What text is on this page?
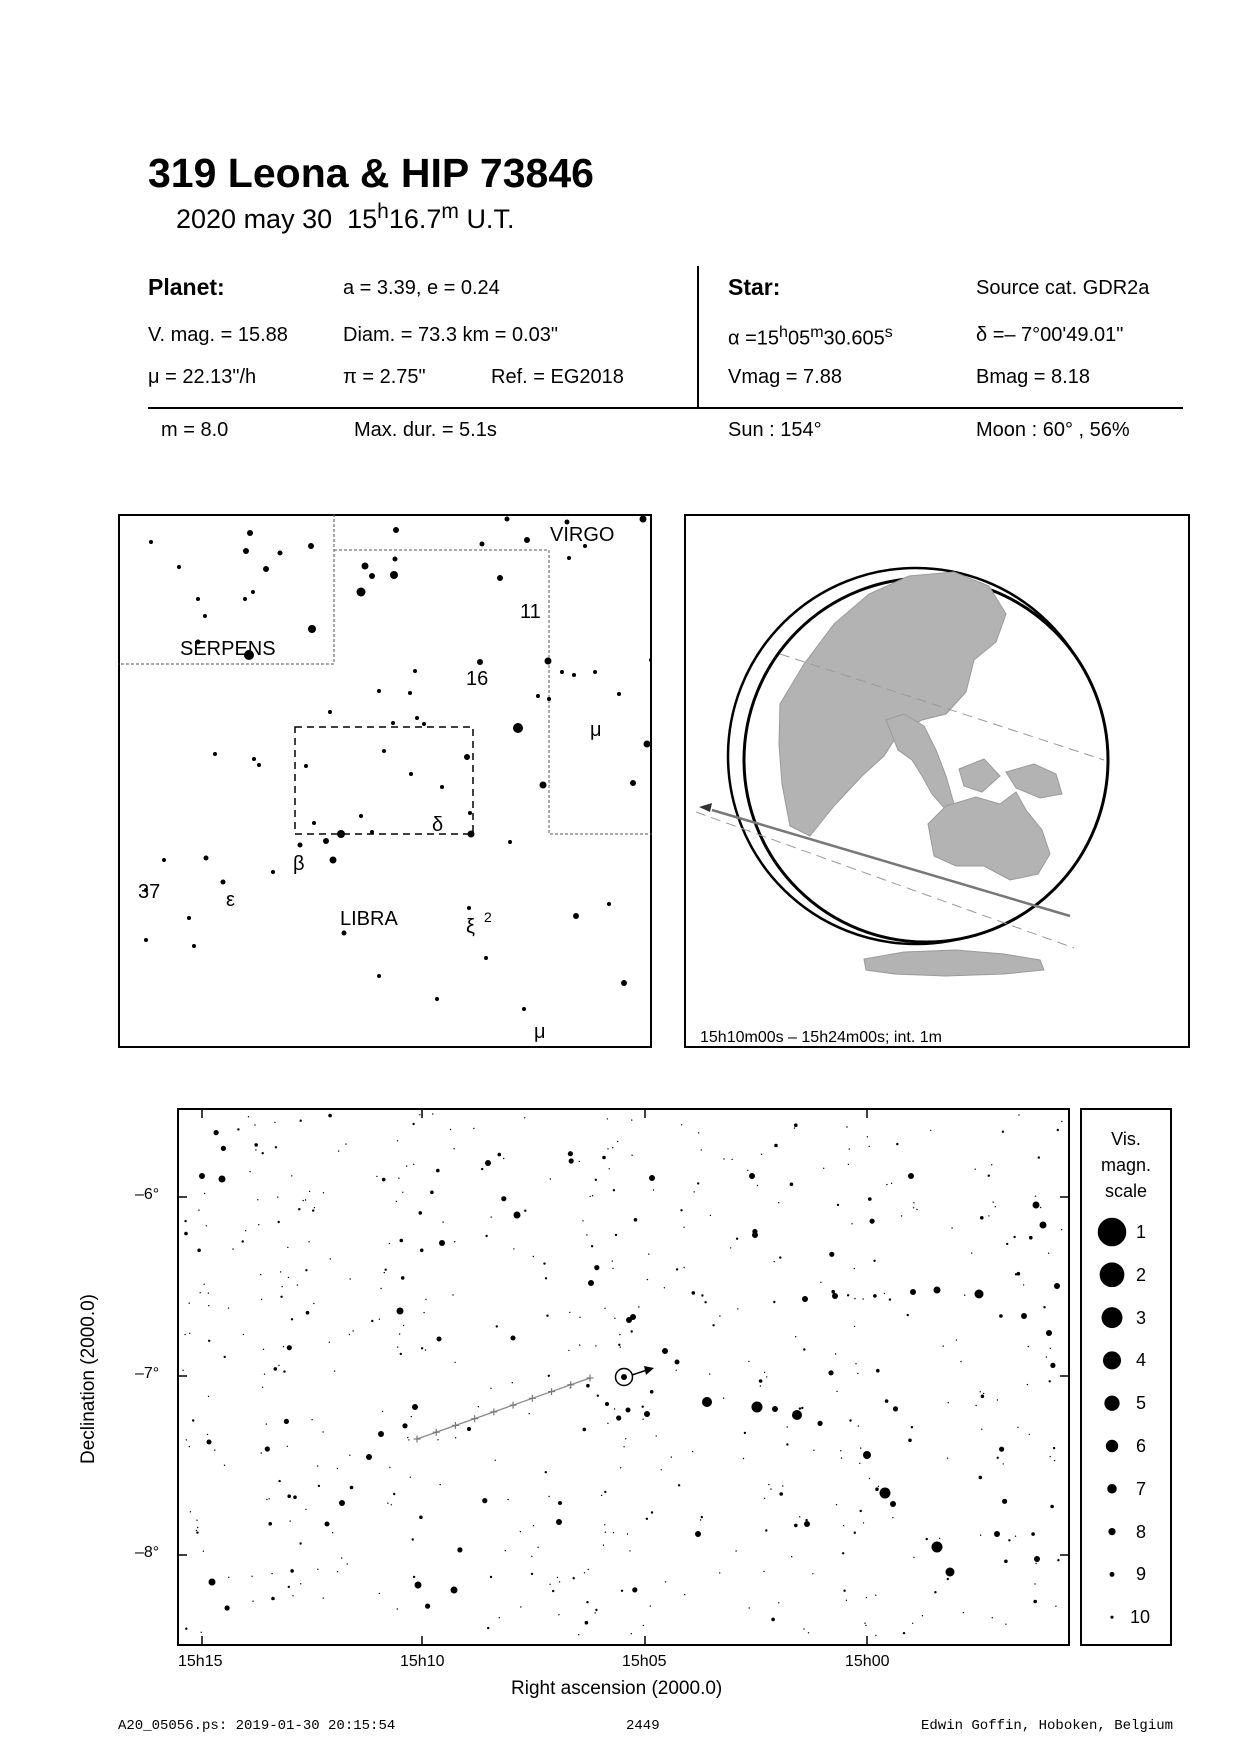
319 Leona & HIP 73846
2020 may 30 15$^h$16.7$^m$ U.T.
Planet:	a = 3.39, e = 0.24
V. mag. = 15.88	Diam. = 73.3 km = 0.03"
μ = 22.13"/h	π = 2.75"	Ref. = EG2018
Star:	Source cat. GDR2a
$\alpha =15^h05^m30.605^s$	δ =– 7°00'49.01"
Vmag = 7.88	Bmag = 8.18
m = 8.0	Max. dur. = 5.1s	Sun : 154°	Moon : 60° , 56%
VIRGO
SERPENS
LIBRA
11
16
μ
δ
β
37	ε
ξ 2
μ	15h10m00s – 15h24m00s; int. 1m
–6°
–7°
–8°
15h15	15h10	15h05	15h00
Right ascension (2000.0)
Declination (2000.0)
Vis.
magn.
scale
1
2
3
4
5
6
7
8
9
10
A20_05056.ps: 2019-01-30 20:15:54	2449	Edwin Goffin, Hoboken, Belgium
